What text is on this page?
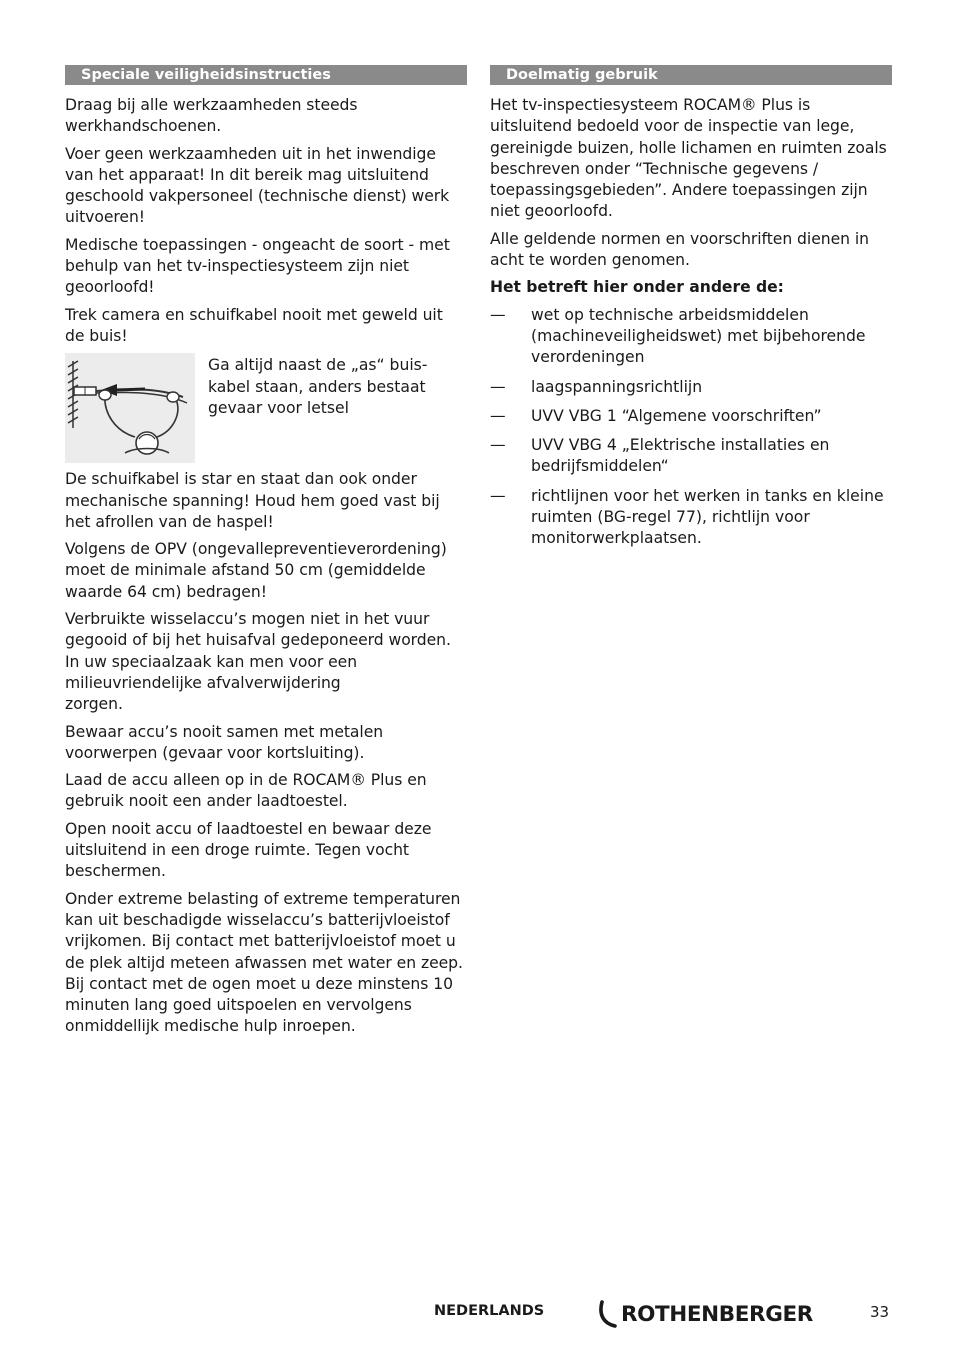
Speciale veiligheidsinstructies

Draag bij alle werkzaamheden steeds
werkhandschoenen.

Voer geen werkzaamheden uit in het inwendige
van het apparaat! In dit bereik mag uitsluitend
geschoold vakpersoneel (technische dienst) werk
uitvoeren!

Medische toepassingen - ongeacht de soort - met
behulp van het tv-inspectiesysteem zijn niet
geoorloofd!

Trek camera en schuifkabel nooit met geweld uit
de buis!

Ga altijd naast de „as“ buis-
kabel staan, anders bestaat
gevaar voor letsel

De schuifkabel is star en staat dan ook onder
mechanische spanning! Houd hem goed vast bij
het afrollen van de haspel!

Volgens de OPV (ongevallepreventieverordening)
moet de minimale afstand 50 cm (gemiddelde
waarde 64 cm) bedragen!

Verbruikte wisselaccu’s mogen niet in het vuur
gegooid of bij het huisafval gedeponeerd worden.
In uw speciaalzaak kan men voor een
milieuvriendelijke afvalverwijdering
zorgen.

Bewaar accu’s nooit samen met metalen
voorwerpen (gevaar voor kortsluiting).

Laad de accu alleen op in de ROCAM® Plus en
gebruik nooit een ander laadtoestel.

Open nooit accu of laadtoestel en bewaar deze
uitsluitend in een droge ruimte. Tegen vocht
beschermen.

Onder extreme belasting of extreme temperaturen
kan uit beschadigde wisselaccu’s batterijvloeistof
vrijkomen. Bij contact met batterijvloeistof moet u
de plek altijd meteen afwassen met water en zeep.
Bij contact met de ogen moet u deze minstens 10
minuten lang goed uitspoelen en vervolgens
onmiddellijk medische hulp inroepen.

Doelmatig gebruik

Het tv-inspectiesysteem ROCAM® Plus is
uitsluitend bedoeld voor de inspectie van lege,
gereinigde buizen, holle lichamen en ruimten zoals
beschreven onder “Technische gegevens /
toepassingsgebieden”. Andere toepassingen zijn
niet geoorloofd.

Alle geldende normen en voorschriften dienen in
acht te worden genomen.

Het betreft hier onder andere de:

— wet op technische arbeidsmiddelen
(machineveiligheidswet) met bijbehorende
verordeningen
— laagspanningsrichtlijn
— UVV VBG 1 “Algemene voorschriften”
— UVV VBG 4 „Elektrische installaties en
bedrijfsmiddelen“
— richtlijnen voor het werken in tanks en kleine
ruimten (BG-regel 77), richtlijn voor
monitorwerkplaatsen.
NEDERLANDS	ROTHENBERGER	33
